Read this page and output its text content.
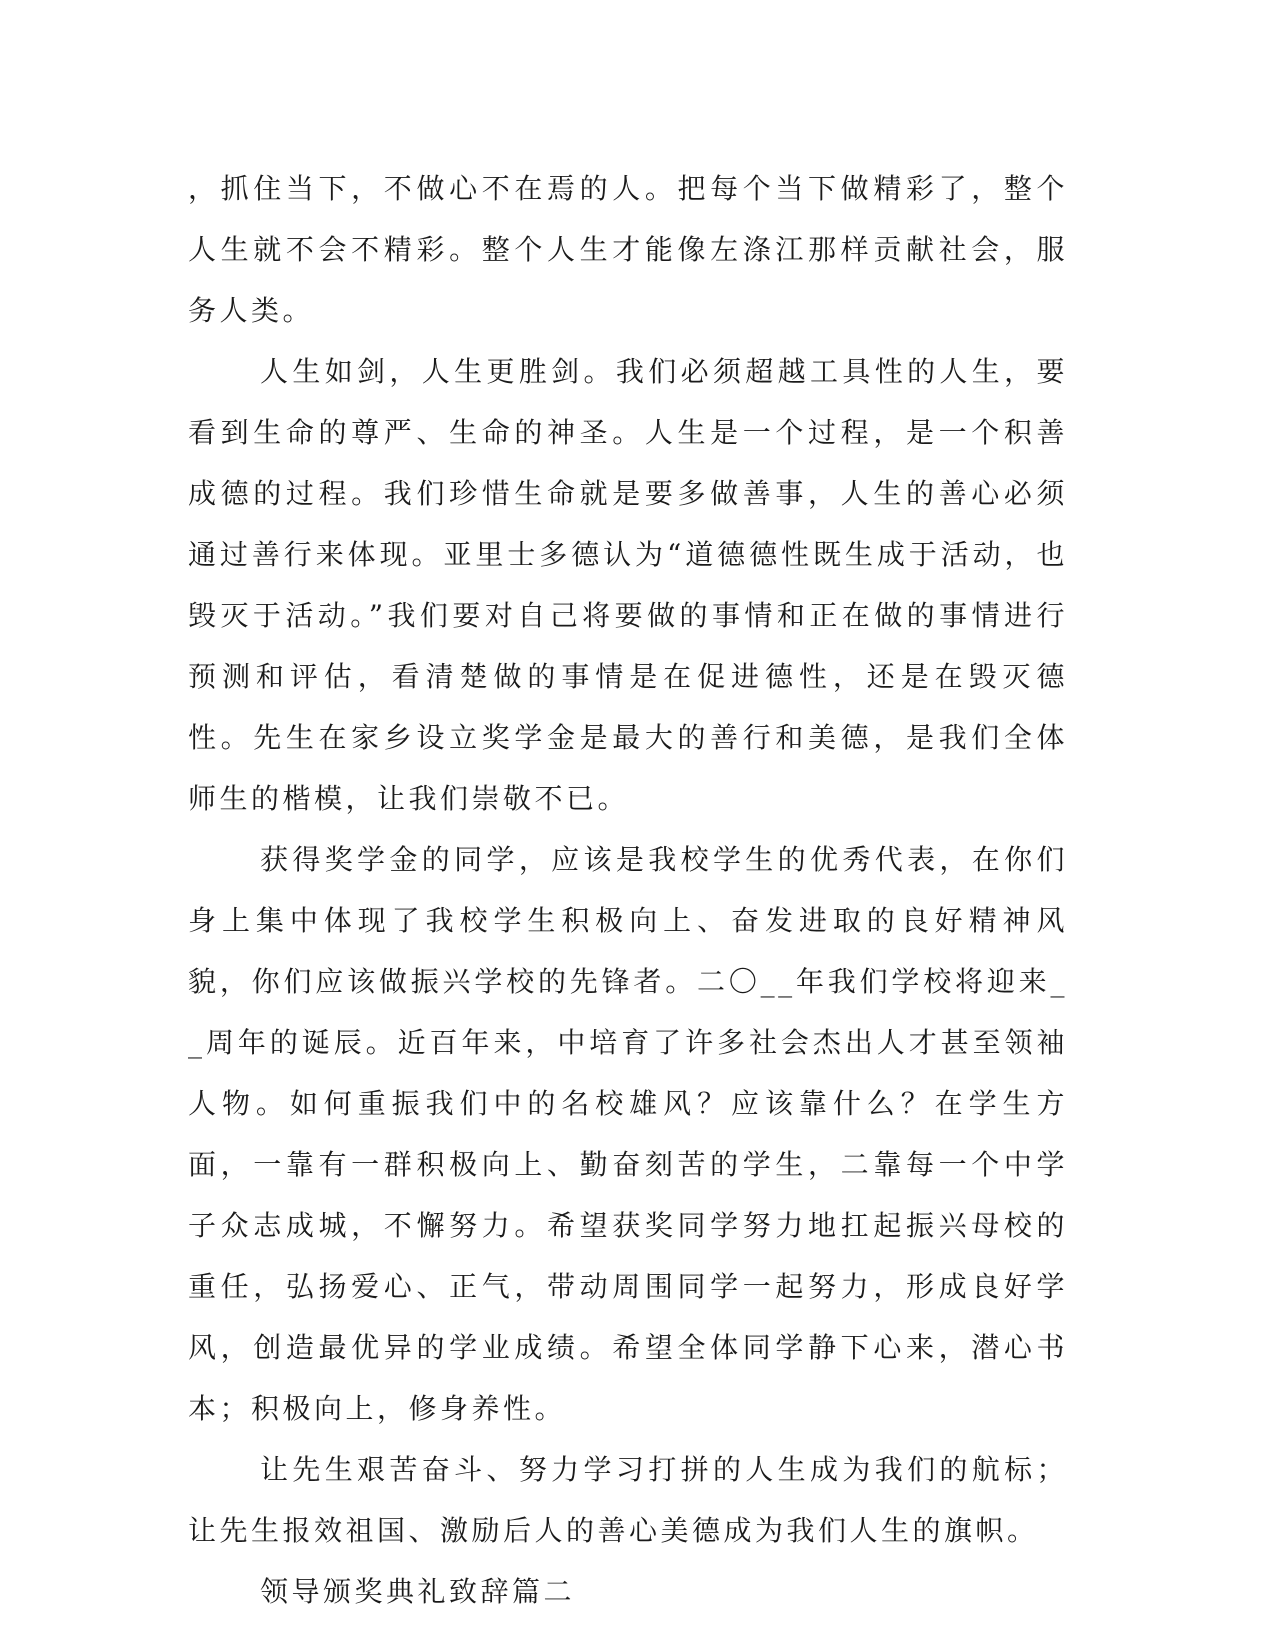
，抓住当下，不做心不在焉的人。把每个当下做精彩了，整个人生就不会不精彩。整个人生才能像左涤江那样贡献社会，服务人类。

人生如剑，人生更胜剑。我们必须超越工具性的人生，要看到生命的尊严、生命的神圣。人生是一个过程，是一个积善成德的过程。我们珍惜生命就是要多做善事，人生的善心必须通过善行来体现。亚里士多德认为“道德德性既生成于活动，也毁灭于活动。”我们要对自己将要做的事情和正在做的事情进行预测和评估，看清楚做的事情是在促进德性，还是在毁灭德性。先生在家乡设立奖学金是最大的善行和美德，是我们全体师生的楷模，让我们崇敬不已。

获得奖学金的同学，应该是我校学生的优秀代表，在你们身上集中体现了我校学生积极向上、奋发进取的良好精神风貌，你们应该做振兴学校的先锋者。二〇__年我们学校将迎来__周年的诞辰。近百年来，中培育了许多社会杰出人才甚至领袖人物。如何重振我们中的名校雄风？应该靠什么？在学生方面，一靠有一群积极向上、勤奋刻苦的学生，二靠每一个中学子众志成城，不懈努力。希望获奖同学努力地扛起振兴母校的重任，弘扬爱心、正气，带动周围同学一起努力，形成良好学风，创造最优异的学业成绩。希望全体同学静下心来，潜心书本；积极向上，修身养性。

让先生艰苦奋斗、努力学习打拼的人生成为我们的航标；让先生报效祖国、激励后人的善心美德成为我们人生的旗帜。

领导颁奖典礼致辞篇二
